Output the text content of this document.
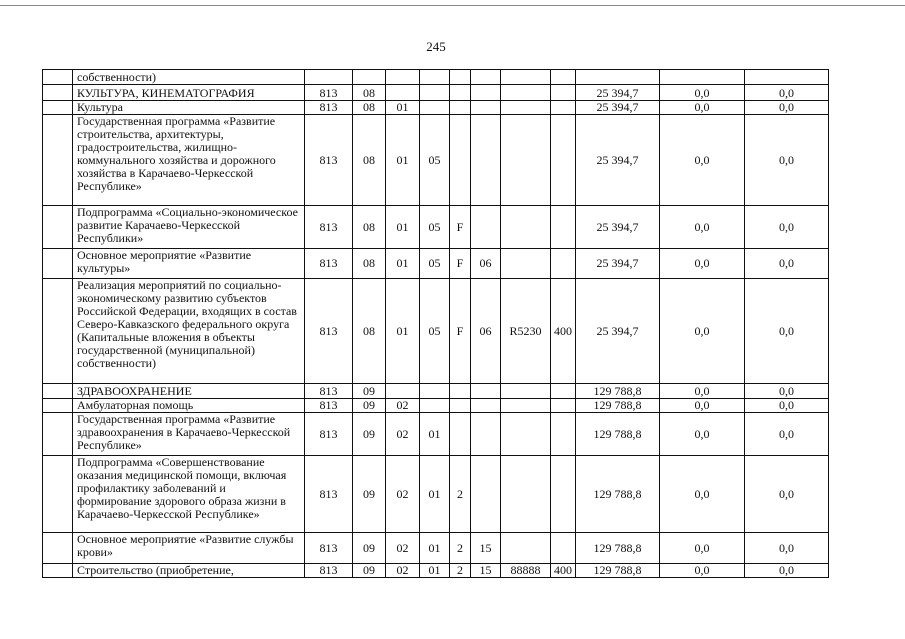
245
	собственности)											
	КУЛЬТУРА, КИНЕМАТОГРАФИЯ	813	08							25 394,7	0,0	0,0
	Культура	813	08	01						25 394,7	0,0	0,0
	Государственная программа «Развитие строительства, архитектуры, градостроительства, жилищно-коммунального хозяйства и дорожного хозяйства в Карачаево-Черкесской Республике»	813	08	01	05					25 394,7	0,0	0,0
	Подпрограмма «Социально-экономическое развитие Карачаево-Черкесской Республики»	813	08	01	05	F				25 394,7	0,0	0,0
	Основное мероприятие «Развитие культуры»	813	08	01	05	F	06			25 394,7	0,0	0,0
	Реализация мероприятий по социально-экономическому развитию субъектов Российской Федерации, входящих в состав Северо-Кавказского федерального округа (Капитальные вложения в объекты государственной (муниципальной) собственности)	813	08	01	05	F	06	R5230	400	25 394,7	0,0	0,0
	ЗДРАВООХРАНЕНИЕ	813	09							129 788,8	0,0	0,0
	Амбулаторная помощь	813	09	02						129 788,8	0,0	0,0
	Государственная программа «Развитие здравоохранения в Карачаево-Черкесской Республике»	813	09	02	01					129 788,8	0,0	0,0
	Подпрограмма «Совершенствование оказания медицинской помощи, включая профилактику заболеваний и формирование здорового образа жизни в Карачаево-Черкесской Республике»	813	09	02	01	2				129 788,8	0,0	0,0
	Основное мероприятие «Развитие службы крови»	813	09	02	01	2	15			129 788,8	0,0	0,0
	Строительство (приобретение,	813	09	02	01	2	15	88888	400	129 788,8	0,0	0,0
